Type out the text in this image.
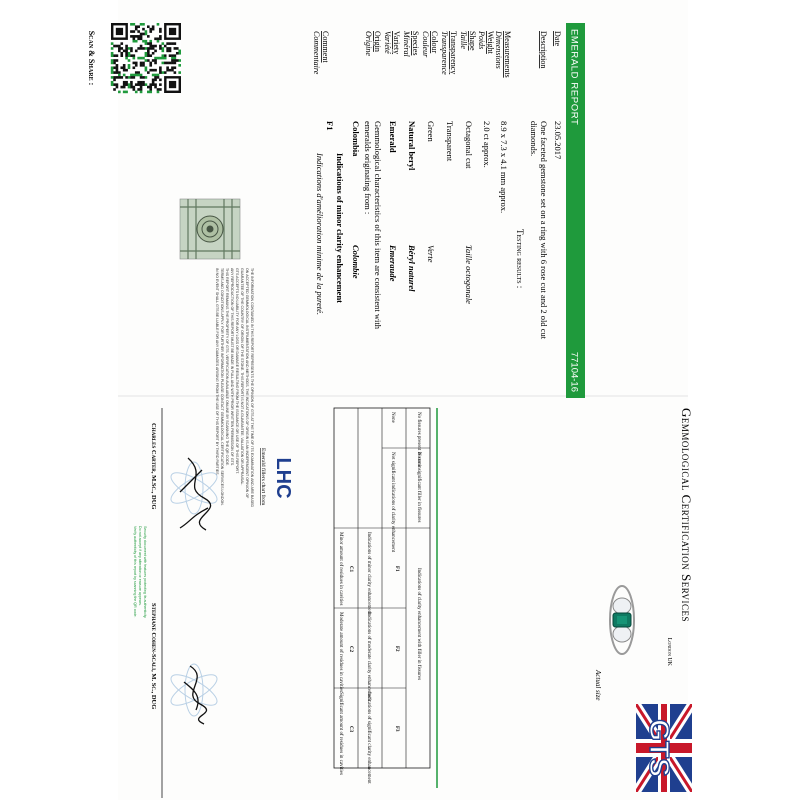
EMERALD REPORT
77104-16
Date
Description
Measurements
Weight
Shape
Transparency
Colour
Species
Variety
Origin
Comment	Dimensions
Poids
Taille
Transparence
Couleur
Minéral
Variété
Origine
Commentaire
23.05.2017
One faceted gemstone set on a ring with 6 rose cut and 2 old cut
diamonds.
Testing results :
8.9 x 7.3 x 4.1 mm approx.
2.0 ct approx.
Octagonal cut
Taille octogonale
Transparent
Green
Verte
Natural beryl
Béryl naturel
Emerald
Emeraude
Gemmological characteristics of this item are consistent with
emeralds originating from :
Colombia
Colombie
F1
Indications of minor clarity enhancement
Indications d'amélioration minime de la pureté.
THE INFORMATION CONTAINED IN THIS REPORT REPRESENTS THE OPINION OF GTS AT THE TIME OF ITS EXAMINATION AND ARE BASED
ON ACCEPTED GEMMOLOGICAL INSTRUMENTATION AND METHODS. THE INDICATIONS OF ORIGIN IS AN INDEPENDENT OPINION OF
GUARANTEE OF THE COUNTRY OF ORIGIN OF THE STONE. THIS REPORT IS NOT A GUARANTEE, VALUATION OR APPRAISAL.
GTS ACCEPTS NO LIABILITY FOR ANY LOSS OR DAMAGE RESULTING FROM THE ISSUANCE OR USE OF THIS REPORT.
ANY REPRODUCTION OF THIS REPORT MUST BE MADE IN FULL AND WITH PRIOR WRITTEN PERMISSION OF GTS.
THIS REPORT REMAINS THE PROPERTY OF GTS. VERIFICATION AVAILABLE ONLINE BY SCANNING THE QR CODE.
TERMS AND CONDITIONS APPLY. FOR FURTHER INFORMATION PLEASE CONTACT GEMMOLOGICAL CERTIFICATION SERVICES LONDON.
IN NO EVENT SHALL GTS BE LIABLE FOR ANY DAMAGES ARISING FROM THE USE OF THIS REPORT BY THIRD PARTIES.
Scan & Share :
Gemmological Certification Services
London UK
Actual size
GTS
No fissures present in stone
No or insignificant filler in fissures
Indications of clarity enhancement with filler in fissures
None
Not significant indications of clarity enhancement
F1
F2
F3
Indications of minor clarity enhancement
Indications of moderate clarity enhancement
Indications of significant clarity enhancement
C1
C2
C3
Minor amount of residues in cavities
Moderate amount of residues in cavities
Significant amount of residues in cavities
LHC
Emerald fillers chart from
Charles Carter, M.Sc., DUG
Stephane Cohen-Scali, M. Sc., DUG
Security document with features protecting its authenticity.
Do not accept if any alteration or erasure appears.
Verify authenticity of this report by scanning the QR code.
